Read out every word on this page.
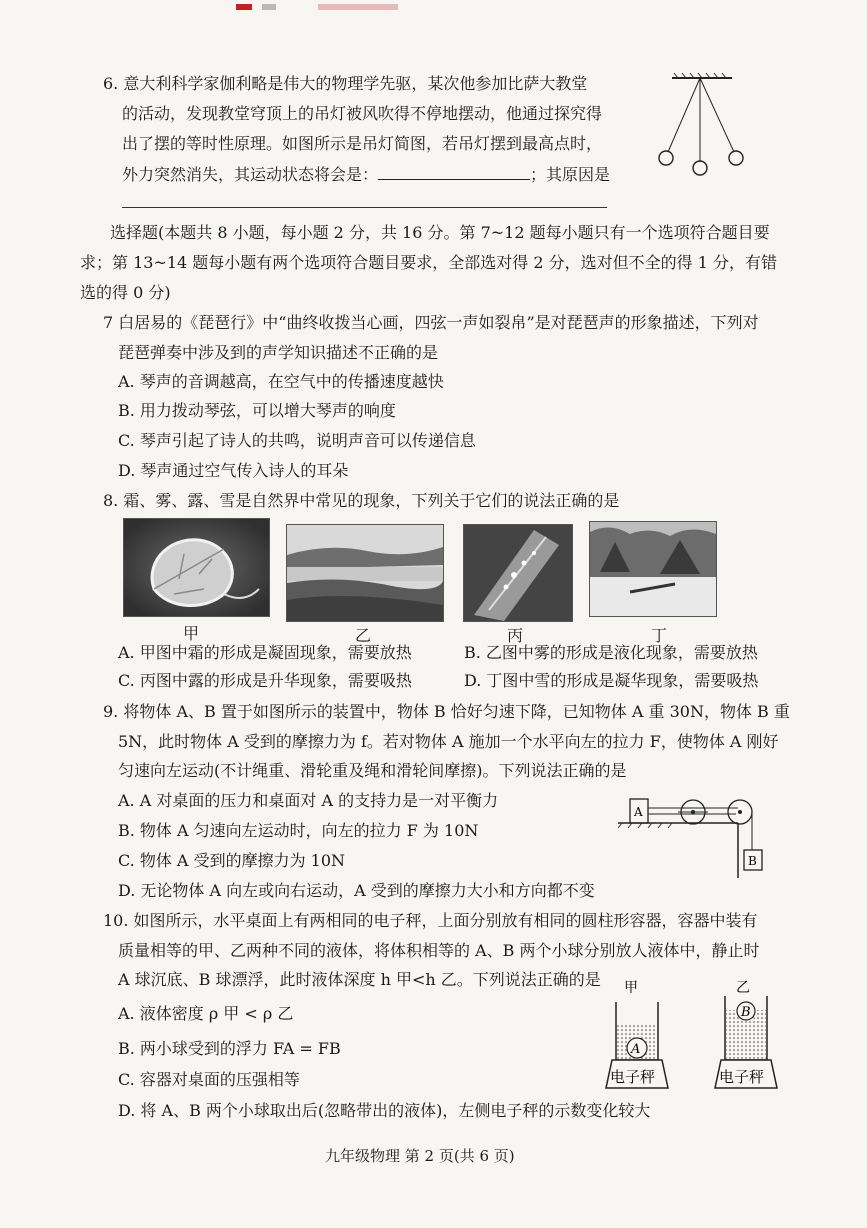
6. 意大利科学家伽利略是伟大的物理学先驱，某次他参加比萨大教堂
的活动，发现教堂穹顶上的吊灯被风吹得不停地摆动，他通过探究得
出了摆的等时性原理。如图所示是吊灯简图，若吊灯摆到最高点时，
外力突然消失，其运动状态将会是：	；其原因是
选择题(本题共 8 小题，每小题 2 分，共 16 分。第 7~12 题每小题只有一个选项符合题目要
求；第 13~14 题每小题有两个选项符合题目要求，全部选对得 2 分，选对但不全的得 1 分，有错
选的得 0 分)
7 白居易的《琵琶行》中“曲终收拨当心画，四弦一声如裂帛”是对琵琶声的形象描述，下列对
琵琶弹奏中涉及到的声学知识描述不正确的是
A. 琴声的音调越高，在空气中的传播速度越快
B. 用力拨动琴弦，可以增大琴声的响度
C. 琴声引起了诗人的共鸣，说明声音可以传递信息
D. 琴声通过空气传入诗人的耳朵
8. 霜、雾、露、雪是自然界中常见的现象，下列关于它们的说法正确的是
甲	乙	丙	丁
A. 甲图中霜的形成是凝固现象，需要放热	B. 乙图中雾的形成是液化现象，需要放热
C. 丙图中露的形成是升华现象，需要吸热	D. 丁图中雪的形成是凝华现象，需要吸热
9. 将物体 A、B 置于如图所示的装置中，物体 B 恰好匀速下降，已知物体 A 重 30N，物体 B 重
5N，此时物体 A 受到的摩擦力为 f。若对物体 A 施加一个水平向左的拉力 F，使物体 A 刚好
匀速向左运动(不计绳重、滑轮重及绳和滑轮间摩擦)。下列说法正确的是
A. A 对桌面的压力和桌面对 A 的支持力是一对平衡力
B. 物体 A 匀速向左运动时，向左的拉力 F 为 10N
C. 物体 A 受到的摩擦力为 10N
D. 无论物体 A 向左或向右运动，A 受到的摩擦力大小和方向都不变
A
B
10. 如图所示，水平桌面上有两相同的电子秤，上面分别放有相同的圆柱形容器，容器中装有
质量相等的甲、乙两种不同的液体，将体积相等的 A、B 两个小球分别放人液体中，静止时
A 球沉底、B 球漂浮，此时液体深度 h 甲<h 乙。下列说法正确的是
A. 液体密度 ρ 甲 < ρ 乙
B. 两小球受到的浮力 FA = FB
C. 容器对桌面的压强相等
D. 将 A、B 两个小球取出后(忽略带出的液体)，左侧电子秤的示数变化较大
甲
A
电子秤
乙
B
电子秤
九年级物理 第 2 页(共 6 页)
